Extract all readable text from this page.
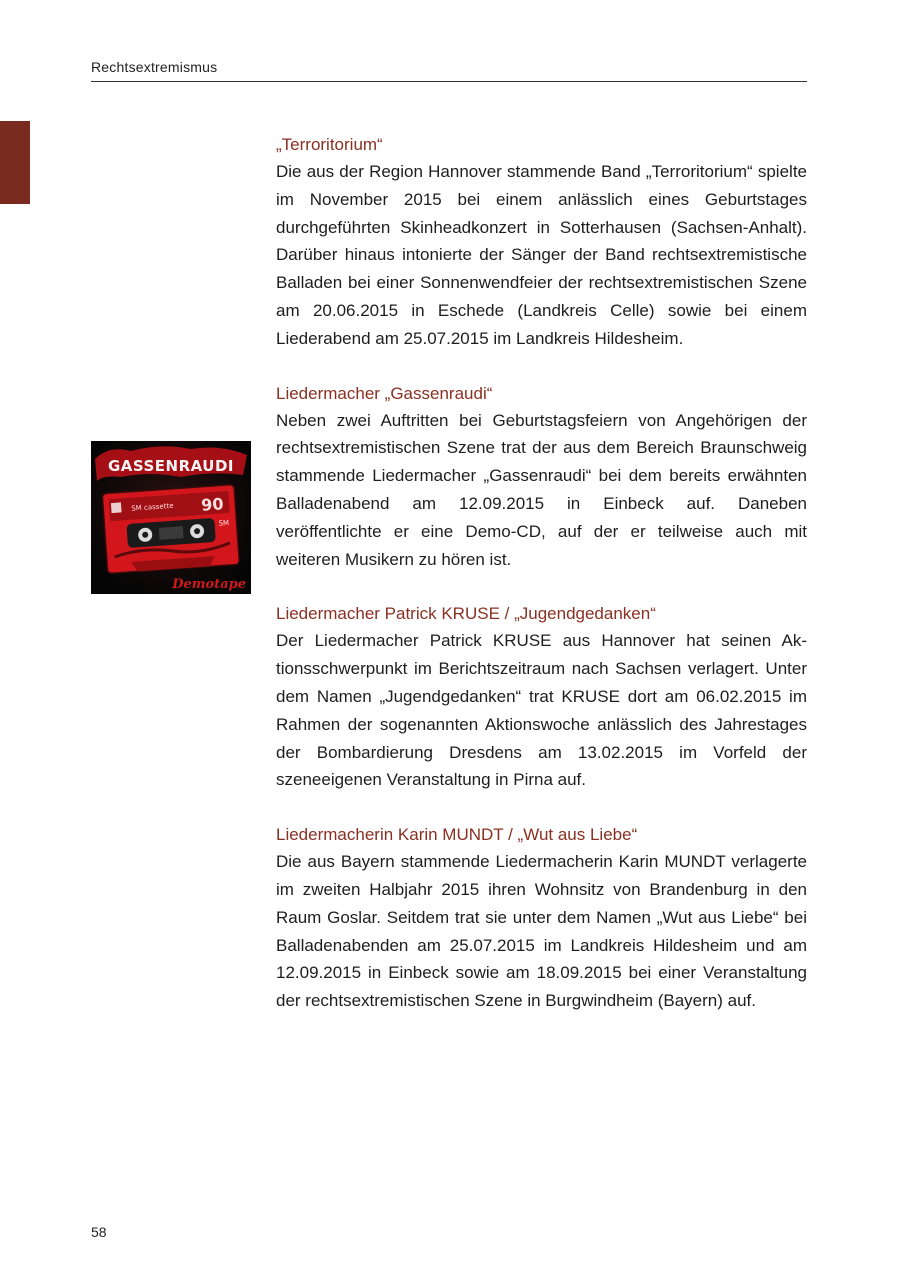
Rechtsextremismus
GASSENRAUDI
SM cassette 90
SM
Demotape
„Terroritorium“

Die aus der Region Hannover stammende Band „Terroritorium“ spielte im November 2015 bei einem anlässlich eines Geburtstages durchgeführten Skinheadkonzert in Sotterhausen (Sachsen-Anhalt). Darüber hinaus intonierte der Sänger der Band rechtsextremistische Balladen bei einer Sonnenwendfeier der rechtsextremistischen Szene am 20.06.2015 in Eschede (Landkreis Celle) sowie bei einem Liederabend am 25.07.2015 im Landkreis Hildesheim.

Liedermacher „Gassenraudi“

Neben zwei Auftritten bei Geburtstagsfeiern von Angehörigen der rechtsextremistischen Szene trat der aus dem Bereich Braunschweig stammende Liedermacher „Gassenraudi“ bei dem bereits erwähnten Balladenabend am 12.09.2015 in Einbeck auf. Daneben veröffentlichte er eine Demo-CD, auf der er teilweise auch mit weiteren Musikern zu hören ist.

Liedermacher Patrick KRUSE / „Jugendgedanken“

Der Liedermacher Patrick KRUSE aus Hannover hat seinen Aktionsschwerpunkt im Berichtszeitraum nach Sachsen verlagert. Unter dem Namen „Jugendgedanken“ trat KRUSE dort am 06.02.2015 im Rahmen der sogenannten Aktionswoche anlässlich des Jahrestages der Bombardierung Dresdens am 13.02.2015 im Vorfeld der szeneeigenen Veranstaltung in Pirna auf.

Liedermacherin Karin MUNDT / „Wut aus Liebe“

Die aus Bayern stammende Liedermacherin Karin MUNDT verlagerte im zweiten Halbjahr 2015 ihren Wohnsitz von Brandenburg in den Raum Goslar. Seitdem trat sie unter dem Namen „Wut aus Liebe“ bei Balladenabenden am 25.07.2015 im Landkreis Hildesheim und am 12.09.2015 in Einbeck sowie am 18.09.2015 bei einer Veranstaltung der rechtsextremistischen Szene in Burgwindheim (Bayern) auf.

58
